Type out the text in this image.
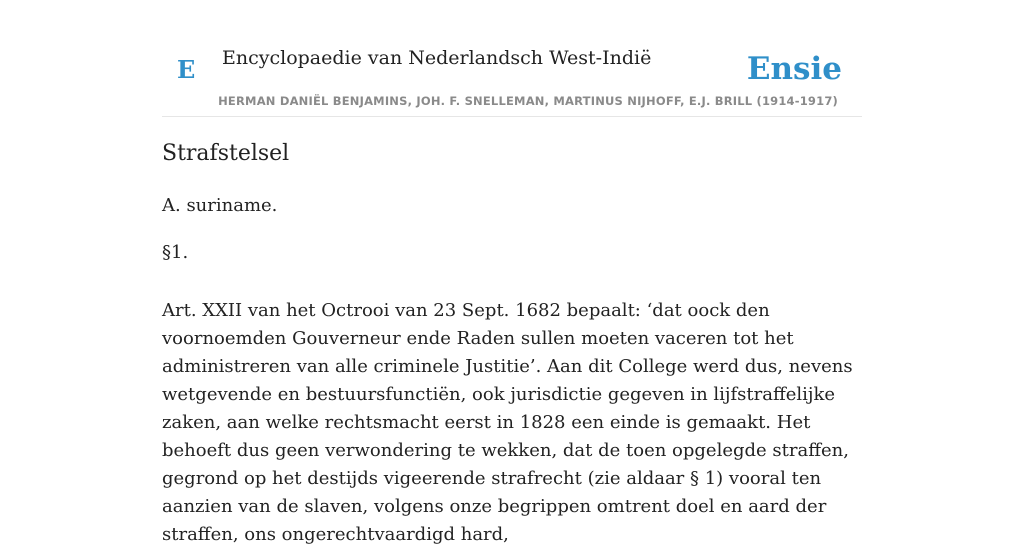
E Encyclopaedie van Nederlandsch West-Indië	Ensie
HERMAN DANIËL BENJAMINS, JOH. F. SNELLEMAN, MARTINUS NIJHOFF, E.J. BRILL (1914-1917)
Strafstelsel

A. suriname.

§1.

Art. XXII van het Octrooi van 23 Sept. 1682 bepaalt: ‘dat oock den voornoemden Gouverneur ende Raden sullen moeten vaceren tot het administreren van alle criminele Justitie’. Aan dit College werd dus, nevens wetgevende en bestuursfunctiën, ook jurisdictie gegeven in lijfstraffelijke zaken, aan welke rechtsmacht eerst in 1828 een einde is gemaakt. Het behoeft dus geen verwondering te wekken, dat de toen opgelegde straffen, gegrond op het destijds vigeerende strafrecht (zie aldaar § 1) vooral ten aanzien van de slaven, volgens onze begrippen omtrent doel en aard der straffen, ons ongerechtvaardigd hard,
